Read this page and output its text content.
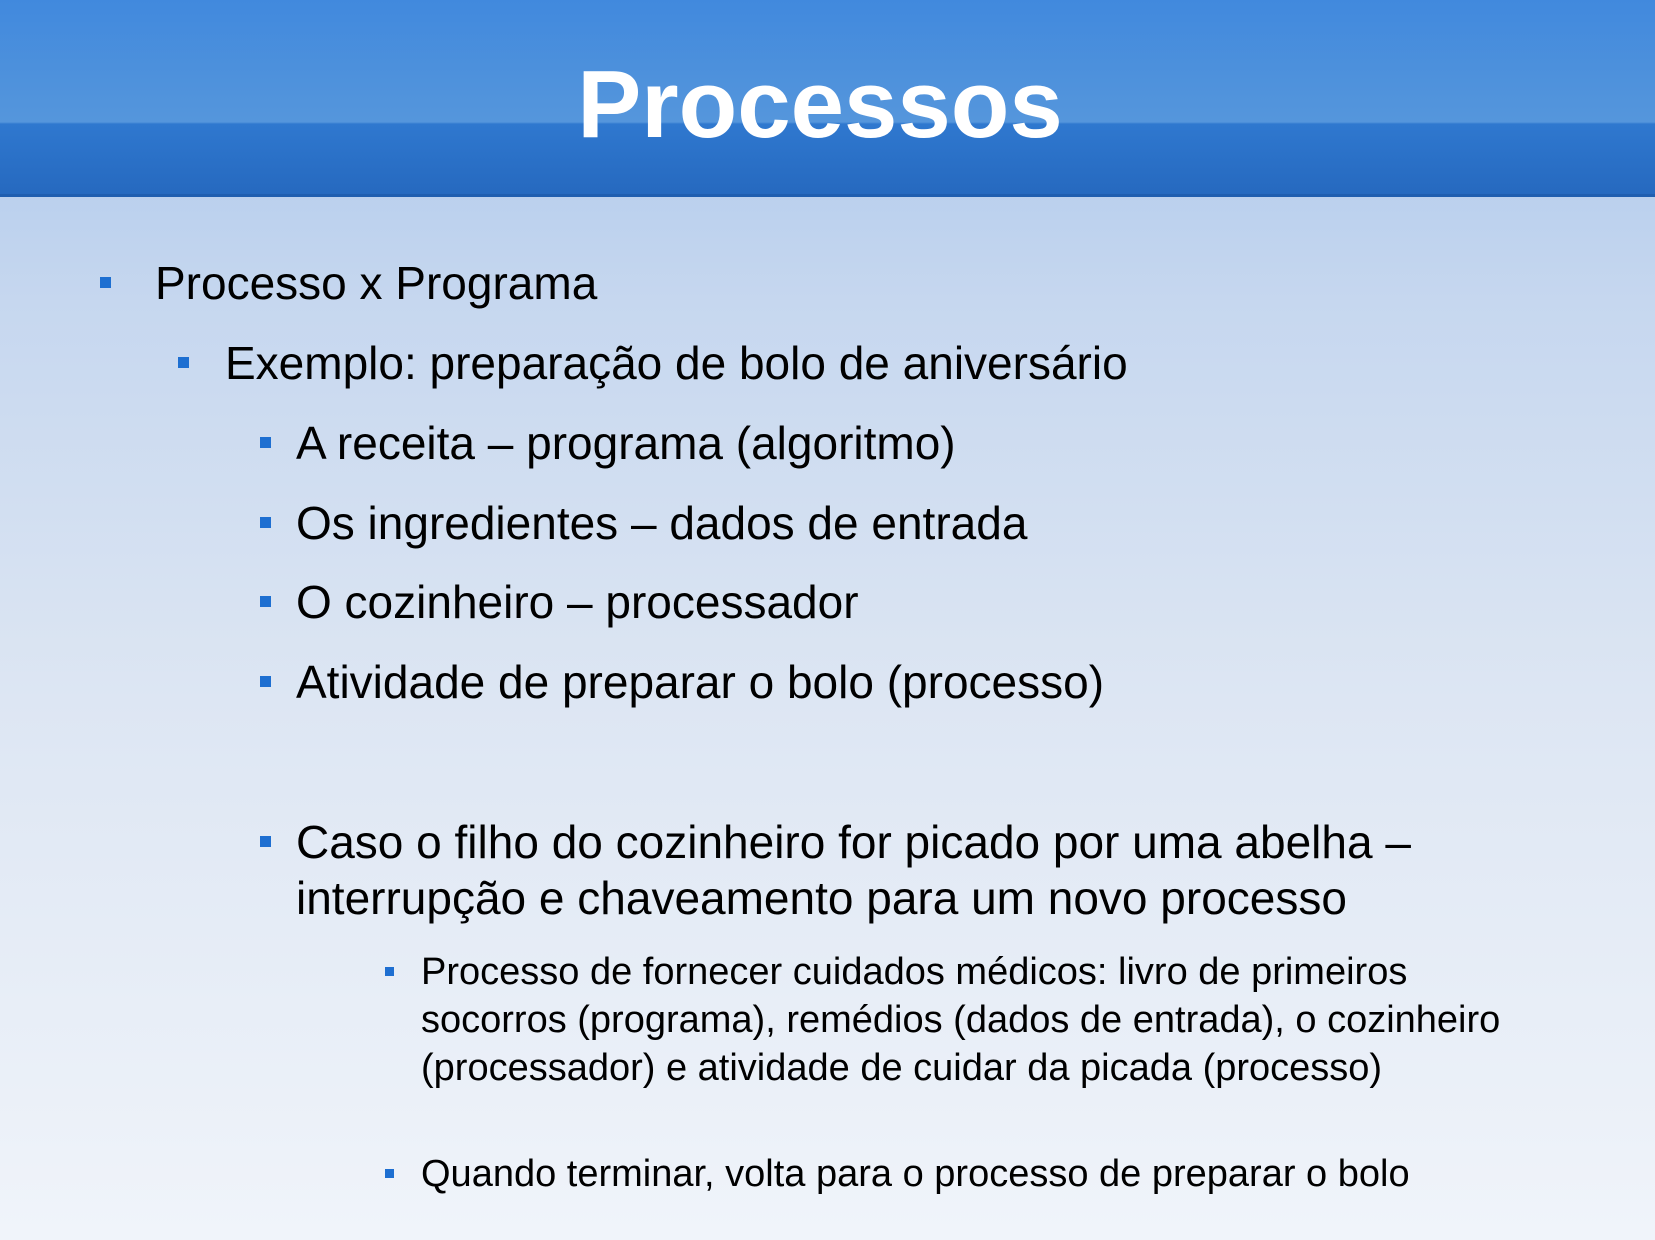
Processos
Processo x Programa
Exemplo: preparação de bolo de aniversário
A receita – programa (algoritmo)
Os ingredientes – dados de entrada
O cozinheiro – processador
Atividade de preparar o bolo (processo)
Caso o filho do cozinheiro for picado por uma abelha – interrupção e chaveamento para um novo processo
Processo de fornecer cuidados médicos: livro de primeiros socorros (programa), remédios (dados de entrada), o cozinheiro (processador) e atividade de cuidar da picada (processo)
Quando terminar, volta para o processo de preparar o bolo
